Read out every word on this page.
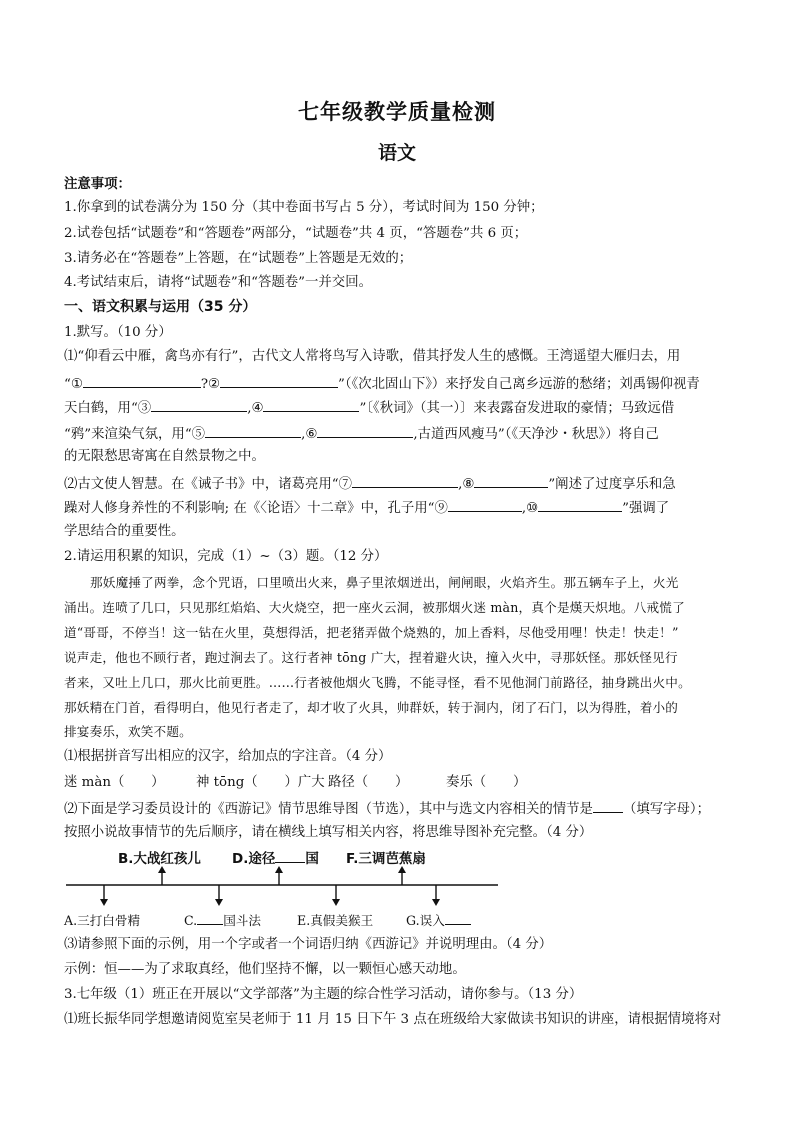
七年级教学质量检测
语文
注意事项：
1.你拿到的试卷满分为 150 分（其中卷面书写占 5 分），考试时间为 150 分钟；
2.试卷包括“试题卷”和“答题卷”两部分，“试题卷”共 4 页，“答题卷”共 6 页；
3.请务必在“答题卷”上答题，在“试题卷”上答题是无效的；
4.考试结束后，请将“试题卷”和“答题卷”一并交回。
一、语文积累与运用（35 分）
1.默写。（10 分）
⑴“仰看云中雁，禽鸟亦有行”，古代文人常将鸟写入诗歌，借其抒发人生的感慨。王湾遥望大雁归去，用
“①	?②	”（《次北固山下》）来抒发自己离乡远游的愁绪；刘禹锡仰视青
天白鹤，用“③	,④	”〔《秋词》（其一）〕来表露奋发进取的豪情；马致远借
“鸦”来渲染气氛，用“⑤	,⑥	,古道西风瘦马”（《天净沙・秋思》）将自己
的无限愁思寄寓在自然景物之中。
⑵古文使人智慧。在《诫子书》中，诸葛亮用“⑦	,⑧	”阐述了过度享乐和急
躁对人修身养性的不利影响; 在《〈论语〉十二章》中，孔子用“⑨	,⑩	”强调了
学思结合的重要性。
2.请运用积累的知识，完成（1）~（3）题。（12 分）
那妖魔捶了两拳，念个咒语，口里喷出火来，鼻子里浓烟迸出，闸闸眼，火焰齐生。那五辆车子上，火光
涌出。连喷了几口，只见那红焰焰、大火烧空，把一座火云洞，被那烟火迷 màn，真个是熯天炽地。八戒慌了
道“哥哥，不停当！这一钻在火里，莫想得活，把老猪弄做个烧熟的，加上香料，尽他受用哩！快走！快走！”
说声走，他也不顾行者，跑过涧去了。这行者神 tōng 广大，捏着避火诀，撞入火中，寻那妖怪。那妖怪见行
者来，又吐上几口，那火比前更胜。……行者被他烟火飞腾，不能寻怪，看不见他洞门前路径，抽身跳出火中。
那妖精在门首，看得明白，他见行者走了，却才收了火具，帅群妖，转于洞内，闭了石门，以为得胜，着小的
排宴奏乐，欢笑不题。
⑴根据拼音写出相应的汉字，给加点的字注音。（4 分）
迷 màn（　　） 神 tōng（　　）广大 路径（　　）	奏乐（　　）
⑵下面是学习委员设计的《西游记》情节思维导图（节选），其中与选文内容相关的情节是 （填写字母）；
按照小说故事情节的先后顺序，请在横线上填写相关内容，将思维导图补充完整。（4 分）
B.大战红孩儿 D.途径 国 F.三调芭蕉扇
A.三打白骨精	C. 国斗法	E.真假美猴王	G.误入
⑶请参照下面的示例，用一个字或者一个词语归纳《西游记》并说明理由。（4 分）
示例：恒——为了求取真经，他们坚持不懈，以一颗恒心感天动地。
3.七年级（1）班正在开展以“文学部落”为主题的综合性学习活动，请你参与。（13 分）
⑴班长振华同学想邀请阅览室吴老师于 11 月 15 日下午 3 点在班级给大家做读书知识的讲座，请根据情境将对
